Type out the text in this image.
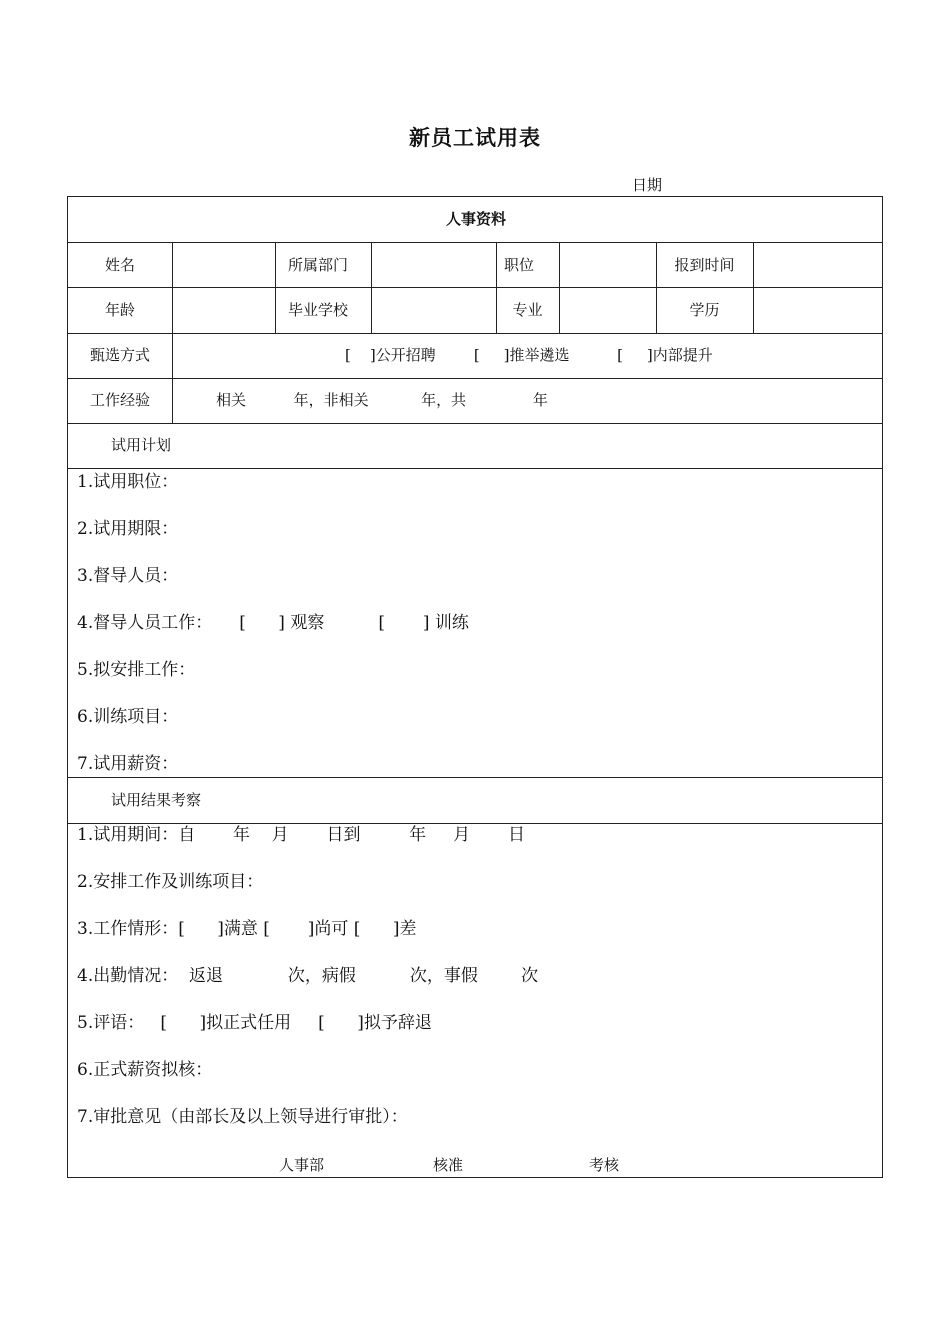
新员工试用表
日期
人事资料
姓名	所属部门	职位	报到时间
年龄	毕业学校	专业	学历
甄选方式	[    ]公开招聘        [     ]推举遴选          [     ]内部提升
工作经验	相关          年，非相关           年，共              年
试用计划
1.试用职位：
2.试用期限：
3.督导人员：
4.督导人员工作：     [      ] 观察          [       ] 训练
5.拟安排工作：
6.训练项目：
7.试用薪资：
试用结果考察
1.试用期间：自       年    月       日到         年     月       日
2.安排工作及训练项目：
3.工作情形：[      ]满意 [       ]尚可 [      ]差
4.出勤情况：  返退            次，病假          次，事假        次
5.评语：   [      ]拟正式任用     [      ]拟予辞退
6.正式薪资拟核：
7.审批意见（由部长及以上领导进行审批）：
人事部	核准	考核
